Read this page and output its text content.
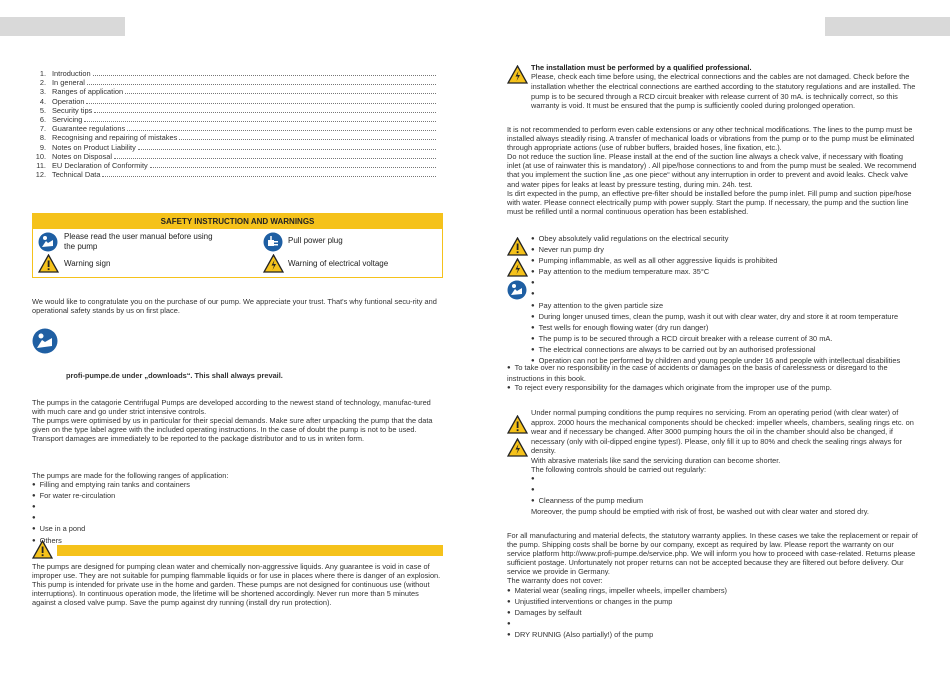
1. Introduction
2. In general
3. Ranges of application
4. Operation
5. Security tips
6. Servicing
7. Guarantee regulations
8. Recognising and repairing of mistakes
9. Notes on Product Liability
10. Notes on Disposal
11. EU Declaration of Conformity
12. Technical Data
SAFETY INSTRUCTION AND WARNINGS
Please read the user manual before using the pump
Pull power plug
Warning sign	Warning of electrical voltage
We would like to congratulate you on the purchase of our pump. We appreciate your trust. That's why funtional secu-rity and operational safety stands by us on first place.
profi-pumpe.de under „downloads“. This shall always prevail.
The pumps in the catagorie Centrifugal Pumps are developed according to the newest stand of technology, manufac-tured with much care and go under strict intensive controls.
The pumps were optimised by us in particular for their special demands. Make sure after unpacking the pump that the data given on the type label agree with the included operating instructions. In the case of doubt the pump is not to be used. Transport damages are immediately to be reported to the package distributor and to us in writen form.
The pumps are made for the following ranges of application:
● Filling and emptying rain tanks and containers
● For water re-circulation
●
●
● Use in a pond
● Others
The pumps are designed for pumping clean water and chemically non-aggressive liquids. Any guarantee is void in case of improper use. They are not suitable for pumping flammable liquids or for use in places where there is danger of an explosion.
This pump is intended for private use in the home and garden. These pumps are not designed for continuous use (without interruptions). In continuous operation mode, the lifetime will be shortened accordingly. Never run more than 5 minutes against a closed valve pump. Save the pump against dry running (install dry run protection).
The installation must be performed by a qualified professional.
Please, check each time before using, the electrical connections and the cables are not damaged. Check before the installation whether the electrical connections are earthed according to the statutory regulations and are installed. The pump is to be secured through a RCD circuit breaker with release current of 30 mA. is technically correct, so this warranty is void. It must be ensured that the pump is sufficiently cooled during prolonged operation.
It is not recommended to perform even cable extensions or any other technical modifications. The lines to the pump must be installed always steadily rising. A transfer of mechanical loads or vibrations from the pump or to the pump must be eliminated through appropriate actions (use of rubber buffers, braided hoses, line fixation, etc.).
Do not reduce the suction line. Please install at the end of the suction line always a check valve, if necessary with floating inlet (at use of rainwater this is mandatory) . All pipe/hose connections to and from the pump must be sealed. We recommend that you implement the suction line „as one piece“ without any interruption in order to prevent and avoid leaks. Check valve and water pipes for leaks at least by pressure testing, during min. 24h. test.
Is dirt expected in the pump, an effective pre-filter should be installed before the pump inlet. Fill pump and suction pipe/hose with water. Please connect electrically pump with power supply. Start the pump. If necessary, the pump and the suction line must be refilled until a normal continuous operation has been established.
● Obey absolutely valid regulations on the electrical security
● Never run pump dry
● Pumping inflammable, as well as all other aggressive liquids is prohibited
● Pay attention to the medium temperature max. 35°C
●
●
● Pay attention to the given particle size
● During longer unused times, clean the pump, wash it out with clear water, dry and store it at room temperature
● Test wells for enough flowing water (dry run danger)
● The pump is to be secured through a RCD circuit breaker with a release current of 30 mA.
● The electrical connections are always to be carried out by an authorised professional
● Operation can not be performed by children and young people under 16 and people with intellectual disabilities
● To take over no responsibility in the case of accidents or damages on the basis of carelessness or disregard to the instructions in this book.
● To reject every responsibility for the damages which originate from the improper use of the pump.
Under normal pumping conditions the pump requires no servicing. From an operating period (with clear water) of approx. 2000 hours the mechanical components should be checked: impeller wheels, chambers, sealing rings etc. on wear and if necessary be changed. After 3000 pumping hours the oil in the chamber should also be changed, if necessary (only with oil-dipped engine types!). Please, only fill it up to 80% and check the sealing rings always for density.
With abrasive materials like sand the servicing duration can become shorter.
The following controls should be carried out regularly:
●
●
● Cleanness of the pump medium
Moreover, the pump should be emptied with risk of frost, be washed out with clear water and stored dry.
For all manufacturing and material defects, the statutory warranty applies. In these cases we take the replacement or repair of the pump. Shipping costs shall be borne by our company, except as required by law. Please report the warranty on our service platform http://www.profi-pumpe.de/service.php. We will inform you how to proceed with case-related. Returns please sufficient postage. Unfortunately not proper returns can not be accepted because they are filtered out before delivery. Our service we provide in Germany.
The warranty does not cover:
● Material wear (sealing rings, impeller wheels, impeller chambers)
● Unjustified interventions or changes in the pump
● Damages by selfault
●
● DRY RUNNIG (Also partially!) of the pump
